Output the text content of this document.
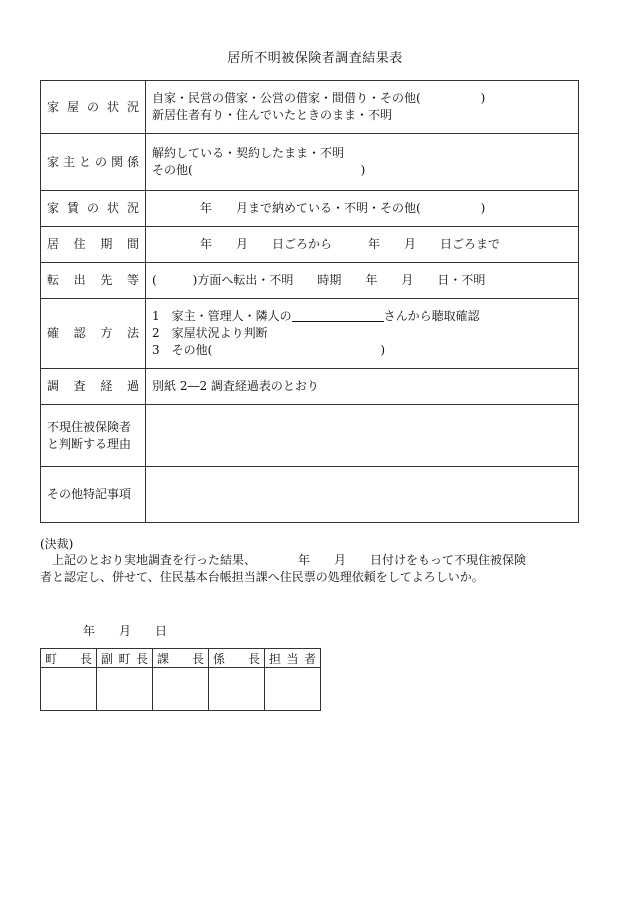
居所不明被保険者調査結果表
家屋の状況	自家・民営の借家・公営の借家・間借り・その他(　　　　　)
新居住者有り・住んでいたときのまま・不明

家主との関係	解約している・契約したまま・不明
その他(　　　　　　　　　　　　　　)

家賃の状況	　　　　年　　月まで納めている・不明・その他(　　　　　)

居住期間	　　　　年　　月　　日ごろから　　　年　　月　　日ごろまで

転出先等	(　　　)方面へ転出・不明　　時期　　年　　月　　日・不明

確認方法	1　家主・管理人・隣人の さんから聴取確認
2　家屋状況より判断
3　その他(　　　　　　　　　　　　　　)

調査経過	別紙 2―2 調査経過表のとおり

不現住被保険者
と判断する理由	

その他特記事項	

(決裁)
　上記のとおり実地調査を行った結果、　　　　年　　月　　日付けをもって不現住被保険
者と認定し、併せて、住民基本台帳担当課へ住民票の処理依頼をしてよろしいか。
年　　月　　日
町長	副町長	課長	係長	担当者
